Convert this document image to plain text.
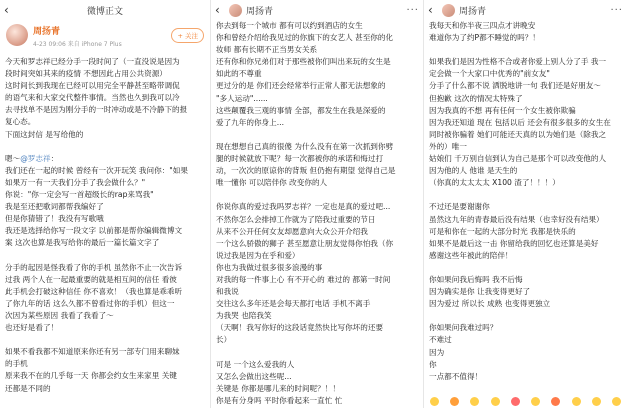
‹	微博正文
周扬青
4-23 09:06 来自 iPhone 7 Plus
+ 关注
今天和罗志祥已经分手一段时间了（一直没说是因为
段时间突如其来的疫情 不想因此占用公共资源）
这时间长到我现在已经可以用完全平静甚至略带调侃
的语气来和大家交代整件事情。当然也久到我可以冷
去寻找单不是因为刚分手的一时冲动或是不冷静下的报
复心态。
下面这封信 是写给他的
嗯～@罗志祥：
我们还在一起的时候 曾经有一次开玩笑 我问你："如果
如果万一有一天我们分手了我会做什么？"
你说："你一定会写一首超级长的rap来骂我"
我是至还把歌词都帮我编好了
但是你猜错了！我没有写歌哦
我还是选择给你写一段文字 以前都是帮你编辑微博文
案 这次也算是我写给你的最后一篇长篇文字了
分手的起因是怪我看了你的手机 虽然你不止一次告诉
过我 两个人在一起最重要的就是相互间的信任 看彼
此手机会打破这种信任 你不喜欢！（我也算是乖乖听
了你九年的话 这么久都不曾看过你的手机）但这一
次因为某些原因 我看了我看了～
也还好是看了！
如果不看我都不知道原来你还有另一部专门用来聊妹
的手机
原来我不在的几乎每一天 你都会约女生来家里 关键
还都是不同的
‹	周扬青	···
你去到每一个城市 都有可以约到酒店的女生
你和曾经介绍给我见过的你旗下的女艺人 甚至你的化
妆师 都有长期不正当男女关系
还有你和你兄弟们对于那些被你们叫出来玩的女生是
如此的不尊重
更过分的是 你们还会经常举行正常人都无法想象的
"多人运动"......
这些颠覆我三观的事情 全部，都发生在我是深爱的
爱了九年的你身上...
现在想想自己真的很傻 为什么没有在第一次抓到你劈
腿的时候就放下呢？每一次都被你的承诺和悔过打
动，一次次的原谅你的背叛 但仍抱有期望 觉得自己是
唯一懂你 可以陪伴你 改变你的人
你说你真的爱过我吗罗志祥？一定也是真的爱过吧...
不然你怎么会排掉工作就为了陪我过重要的节日
从来不公开任何女友却愿意向大众公开介绍我
一个这么骄傲的狮子 甚至愿意让朋友觉得你怕我（你
说过我是因为在乎和爱）
你也为我做过很多很多浪漫的事
对我的每一件事上心 有不开心的 难过的 都第一时间
和我说
交往这么多年还是会每天都打电话 手机不离手
为我哭 也陪我笑
（天啊！我写你好的这段话竟然快比写你坏的还要
长）
可是 一个这么爱我的人
又怎么会做出这些呢...
关键是 你都是哪儿来的时间呢？！！
你是有分身吗 平时你看起来一直忙 忙
‹	周扬青	···
我每天和你半夜三四点才讲晚安
难道你为了约P都不睡觉的吗？！
如果我们是因为性格不合或者你爱上别人分了手 我一
定会做一个大家口中优秀的"前女友"
分手了什么都不说 洒脱地讲一句 我们还是好朋友～
但抱歉 这次的情况太特殊了
因为我真的不想 再有任何一个女生被你欺骗
因为我还知道 现在 包括以后 还会有很多很多的女生在
同时被你骗着 她们可能还天真的以为她们是（除我之
外的）唯一
姑娘们 千万别自信到认为自己是那个可以改变他的人
因为他的人 他谁 是天生的
（你真的太太太太 X100 渣了！！！）
不过还是要谢谢你
虽然这九年的青春最后没有结果（也幸好没有结果）
可是和你在一起的大部分时光 我都是快乐的
如果不是最后这一击 你留给我的回忆也还算是美好
感谢这些年被此的陪伴！
你如果问我后悔吗 我不后悔
因为确实是你 让我变得更好了
因为爱过 所以长 成熟 也变得更独立
你如果问我难过吗？
不难过
因为
你
一点都不值得！
